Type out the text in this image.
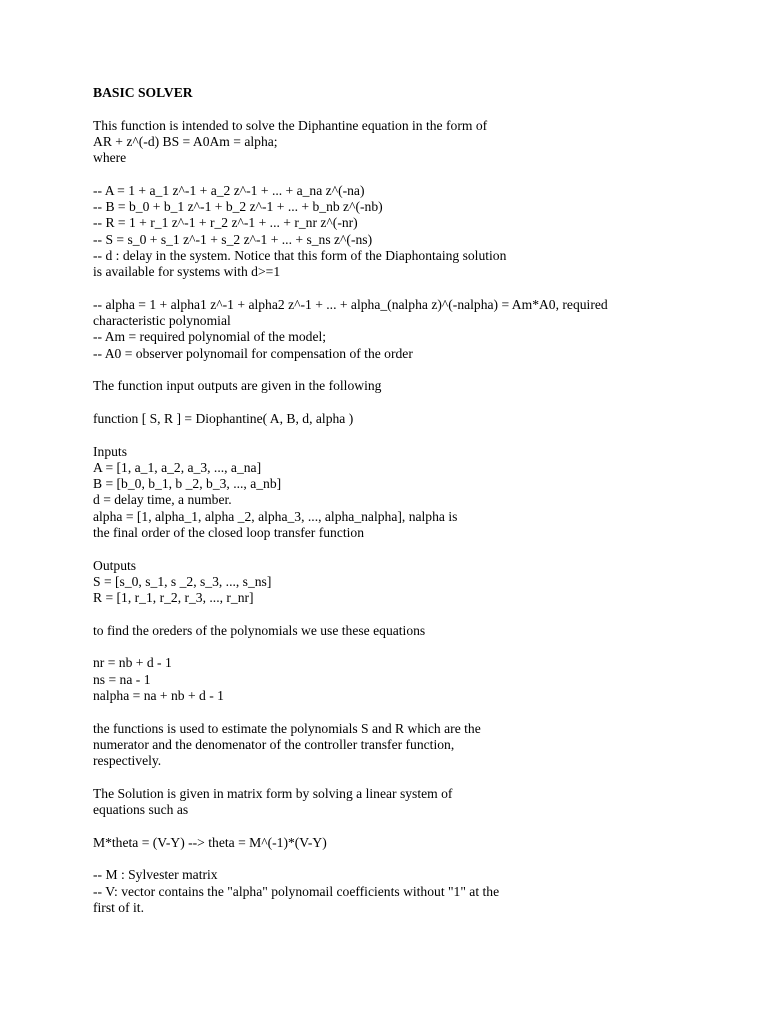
BASIC SOLVER
This function is intended to solve the Diphantine equation in the form of
AR + z^(-d) BS = A0Am = alpha;
where
-- A = 1 + a_1 z^-1 + a_2 z^-1 + ... + a_na z^(-na)
-- B = b_0 + b_1 z^-1 + b_2 z^-1 + ... + b_nb z^(-nb)
-- R = 1 + r_1 z^-1 + r_2 z^-1 + ... + r_nr z^(-nr)
-- S = s_0 + s_1 z^-1 + s_2 z^-1 + ... + s_ns z^(-ns)
-- d : delay in the system. Notice that this form of the Diaphontaing solution
is available for systems with d>=1
-- alpha = 1 + alpha1 z^-1 + alpha2 z^-1 + ... + alpha_(nalpha z)^(-nalpha) = Am*A0, required
characteristic polynomial
-- Am = required polynomial of the model;
-- A0 = observer polynomail for compensation of the order
The function input outputs are given in the following
function [ S, R ] = Diophantine( A, B, d, alpha )
Inputs
A = [1, a_1, a_2, a_3, ..., a_na]
B = [b_0, b_1, b _2, b_3, ..., a_nb]
d = delay time, a number.
alpha = [1, alpha_1, alpha _2, alpha_3, ..., alpha_nalpha], nalpha is
the final order of the closed loop transfer function
Outputs
S = [s_0, s_1, s _2, s_3, ..., s_ns]
R = [1, r_1, r_2, r_3, ..., r_nr]
to find the oreders of the polynomials we use these equations
nr = nb + d - 1
ns = na - 1
nalpha = na + nb + d - 1
the functions is used to estimate the polynomials S and R which are the
numerator and the denomenator of the controller transfer function,
respectively.
The Solution is given in matrix form by solving a linear system of
equations such as
M*theta = (V-Y) --> theta = M^(-1)*(V-Y)
-- M : Sylvester matrix
-- V: vector contains the "alpha" polynomail coefficients without "1" at the
first of it.
